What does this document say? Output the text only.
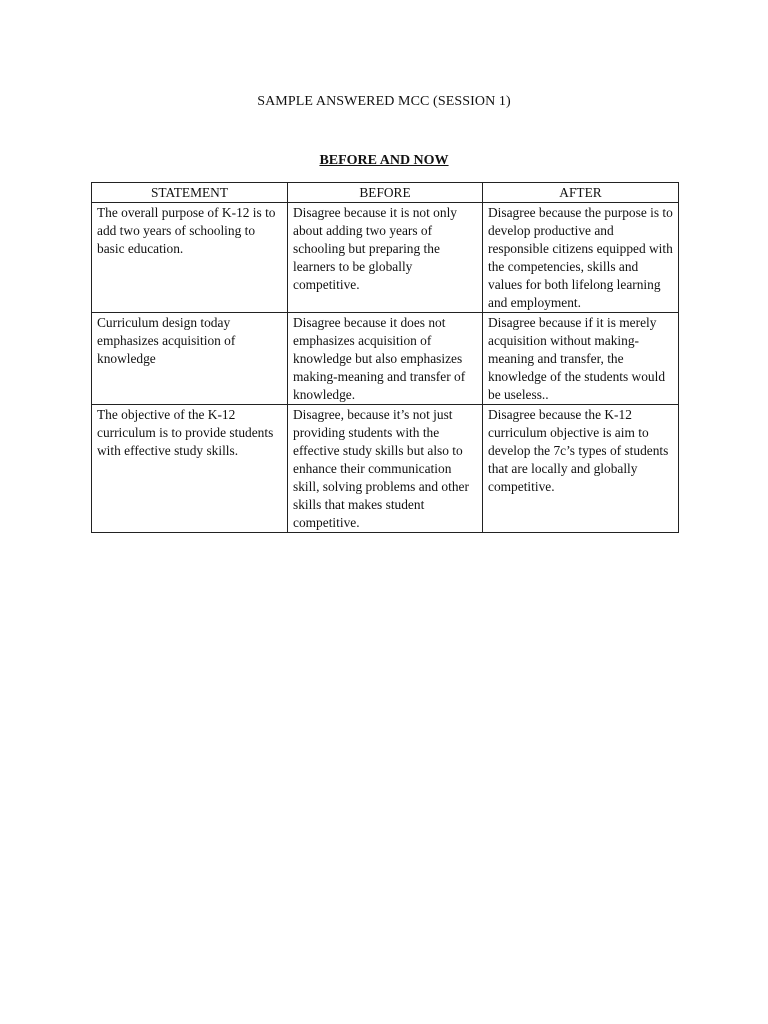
SAMPLE ANSWERED MCC (SESSION 1)
BEFORE AND NOW
STATEMENT	BEFORE	AFTER
The overall purpose of K-12 is to add two years of schooling to basic education.	Disagree because it is not only about adding two years of schooling but preparing the learners to be globally competitive.	Disagree because the purpose is to develop productive and responsible citizens equipped with the competencies, skills and values for both lifelong learning and employment.
Curriculum design today emphasizes acquisition of knowledge	Disagree because it does not emphasizes acquisition of knowledge but also emphasizes making-meaning and transfer of knowledge.	Disagree because if it is merely acquisition without making-meaning and transfer, the knowledge of the students would be useless..
The objective of the K-12 curriculum is to provide students with effective study skills.	Disagree, because it’s not just providing students with the effective study skills but also to enhance their communication skill, solving problems and other skills that makes student competitive.	Disagree because the K-12 curriculum objective is aim to develop the 7c’s types of students that are locally and globally competitive.
